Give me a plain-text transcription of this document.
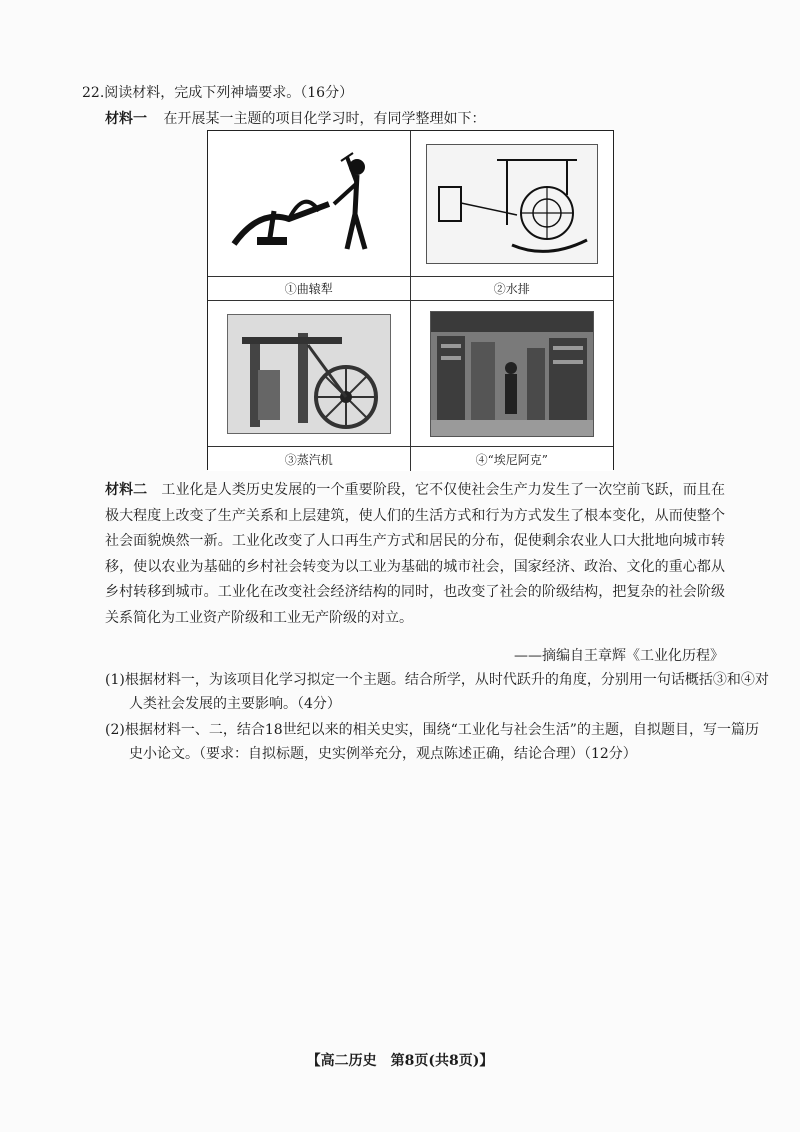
22.阅读材料，完成下列神墙要求。（16分）
材料一 在开展某一主题的项目化学习时，有同学整理如下：
①曲辕犁	②水排
③蒸汽机	④“埃尼阿克”
材料二 工业化是人类历史发展的一个重要阶段，它不仅使社会生产力发生了一次空前飞跃，而且在极大程度上改变了生产关系和上层建筑，使人们的生活方式和行为方式发生了根本变化，从而使整个社会面貌焕然一新。工业化改变了人口再生产方式和居民的分布，促使剩余农业人口大批地向城市转移，使以农业为基础的乡村社会转变为以工业为基础的城市社会，国家经济、政治、文化的重心都从乡村转移到城市。工业化在改变社会经济结构的同时，也改变了社会的阶级结构，把复杂的社会阶级关系简化为工业资产阶级和工业无产阶级的对立。
——摘编自王章辉《工业化历程》
(1)根据材料一，为该项目化学习拟定一个主题。结合所学，从时代跃升的角度，分别用一句话概括③和④对人类社会发展的主要影响。（4分）
(2)根据材料一、二，结合18世纪以来的相关史实，围绕“工业化与社会生活”的主题，自拟题目，写一篇历史小论文。（要求：自拟标题，史实例举充分，观点陈述正确，结论合理）（12分）
【高二历史　第8页(共8页)】
